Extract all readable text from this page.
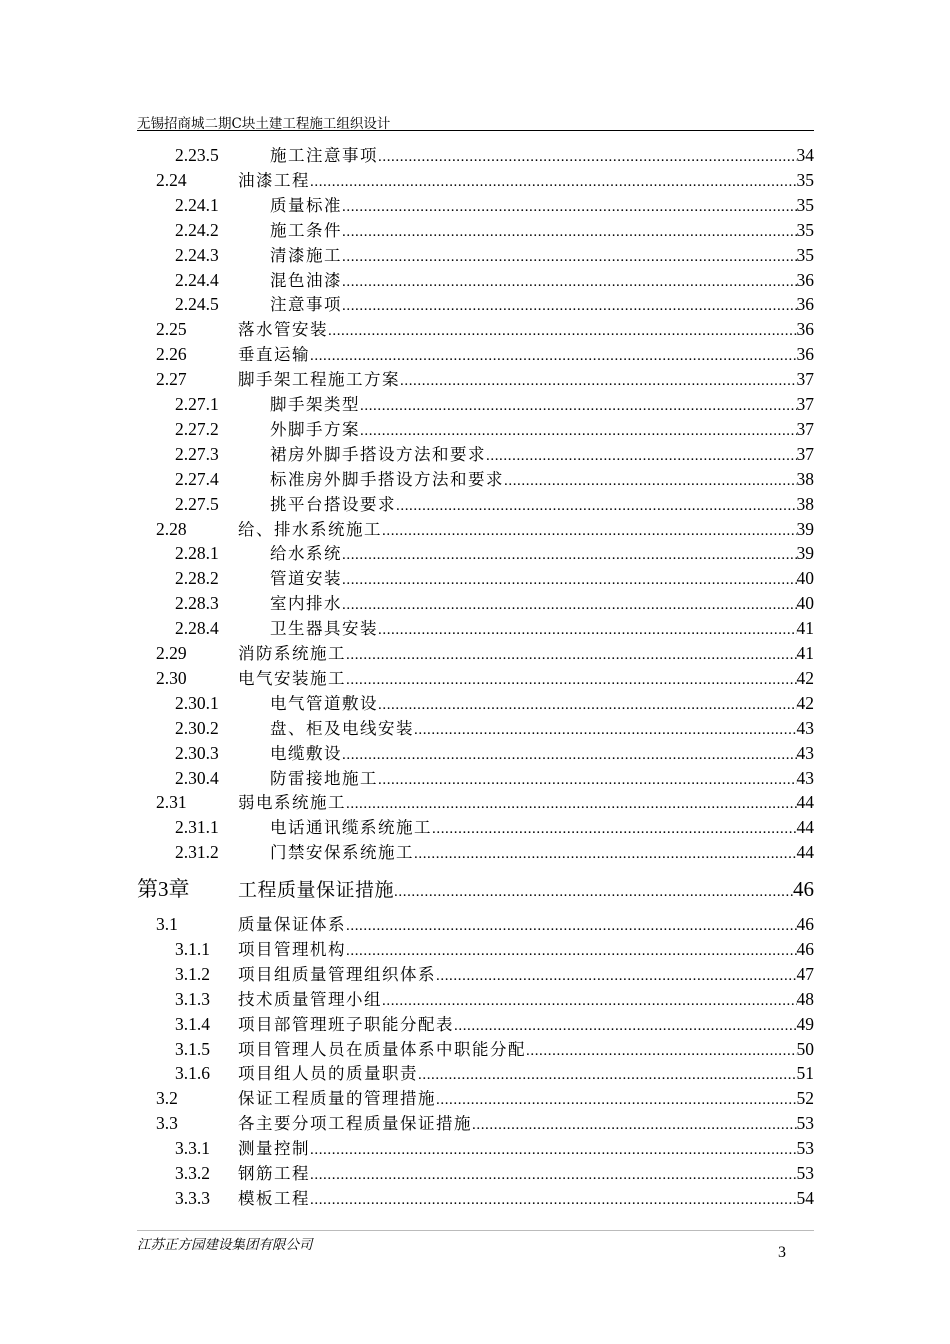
无锡招商城二期C块土建工程施工组织设计
2.23.5	施工注意事项 .....	34
2.24	油漆工程 .....	35
2.24.1	质量标准 .....	35
2.24.2	施工条件 .....	35
2.24.3	清漆施工 .....	35
2.24.4	混色油漆 .....	36
2.24.5	注意事项 .....	36
2.25	落水管安装 .....	36
2.26	垂直运输 .....	36
2.27	脚手架工程施工方案 .....	37
2.27.1	脚手架类型 .....	37
2.27.2	外脚手方案 .....	37
2.27.3	裙房外脚手搭设方法和要求 .....	37
2.27.4	标准房外脚手搭设方法和要求 .....	38
2.27.5	挑平台搭设要求 .....	38
2.28	给、排水系统施工 .....	39
2.28.1	给水系统 .....	39
2.28.2	管道安装 .....	40
2.28.3	室内排水 .....	40
2.28.4	卫生器具安装 .....	41
2.29	消防系统施工 .....	41
2.30	电气安装施工 .....	42
2.30.1	电气管道敷设 .....	42
2.30.2	盘、柜及电线安装 .....	43
2.30.3	电缆敷设 .....	43
2.30.4	防雷接地施工 .....	43
2.31	弱电系统施工 .....	44
2.31.1	电话通讯缆系统施工 .....	44
2.31.2	门禁安保系统施工 .....	44
第3章	工程质量保证措施 .....	46
3.1	质量保证体系 .....	46
3.1.1 项目管理机构 .....	46
3.1.2 项目组质量管理组织体系 .....	47
3.1.3 技术质量管理小组 .....	48
3.1.4 项目部管理班子职能分配表 .....	49
3.1.5 项目管理人员在质量体系中职能分配 .....	50
3.1.6 项目组人员的质量职责 .....	51
3.2	保证工程质量的管理措施 .....	52
3.3	各主要分项工程质量保证措施 .....	53
3.3.1 测量控制 .....	53
3.3.2 钢筋工程 .....	53
3.3.3 模板工程 .....	54
江苏正方园建设集团有限公司	3
